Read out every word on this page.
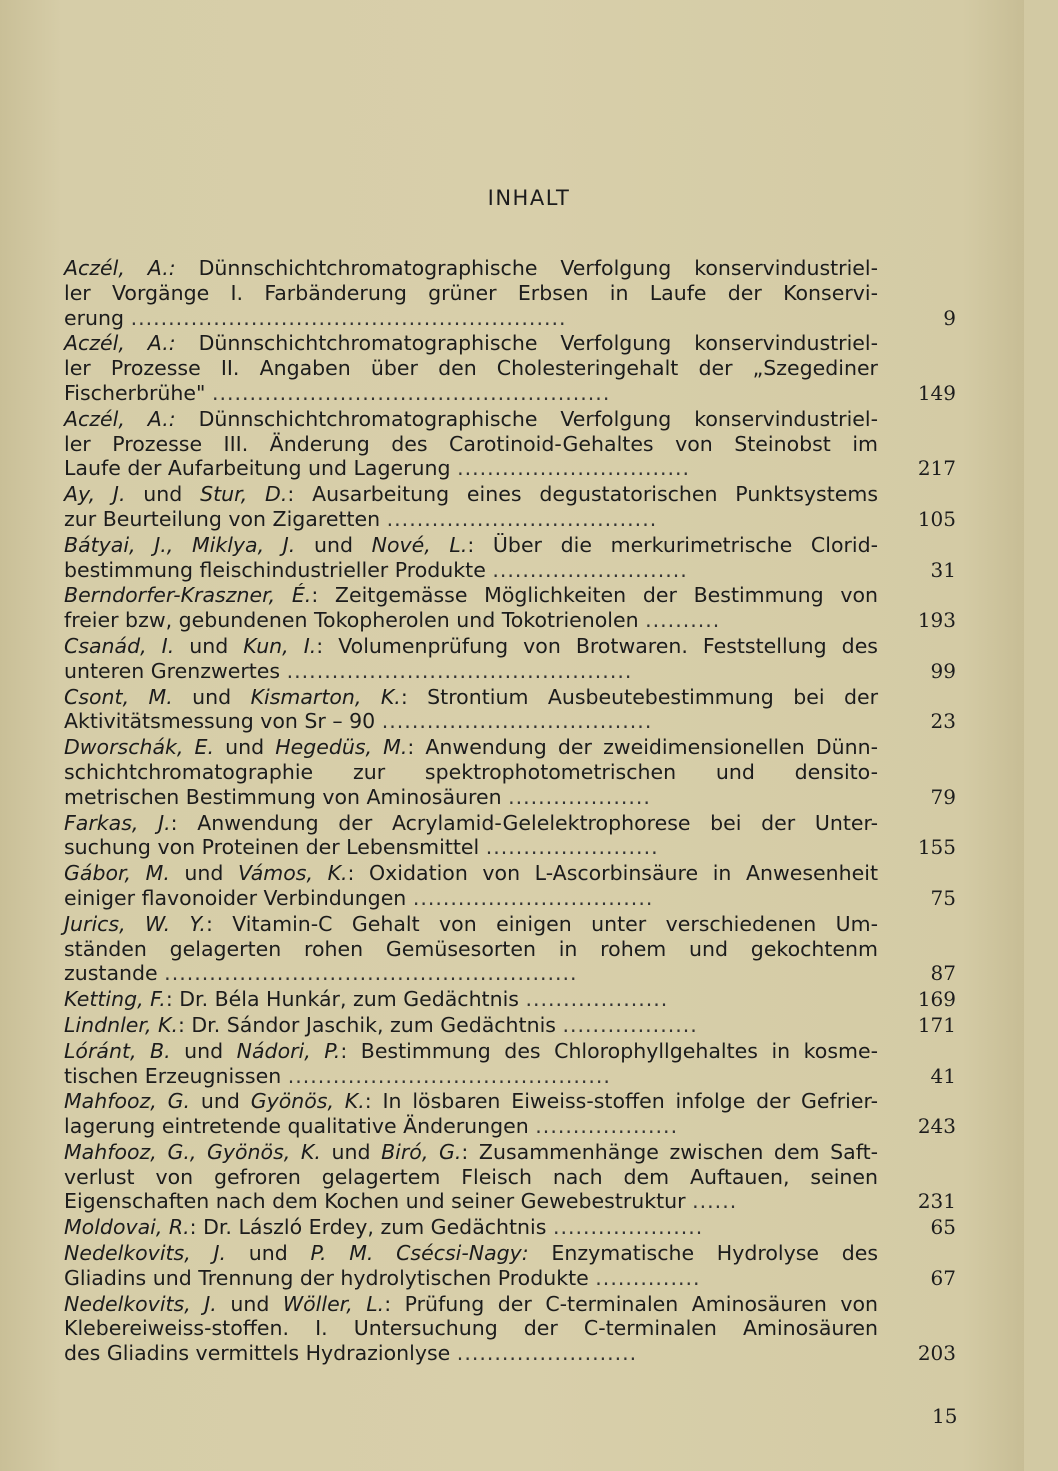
INHALT
Aczél, A.: Dünnschichtchromatographische Verfolgung konservindustriel-
ler Vorgänge I. Farbänderung grüner Erbsen in Laufe der Konservi-
erung ..........................................................	9
Aczél, A.: Dünnschichtchromatographische Verfolgung konservindustriel-
ler Prozesse II. Angaben über den Cholesteringehalt der „Szegediner
Fischerbrühe" .....................................................	149
Aczél, A.: Dünnschichtchromatographische Verfolgung konservindustriel-
ler Prozesse III. Änderung des Carotinoid-Gehaltes von Steinobst im
Laufe der Aufarbeitung und Lagerung ...............................	217
Ay, J. und Stur, D.: Ausarbeitung eines degustatorischen Punktsystems
zur Beurteilung von Zigaretten ....................................	105
Bátyai, J., Miklya, J. und Nové, L.: Über die merkurimetrische Clorid-
bestimmung fleischindustrieller Produkte ..........................	31
Berndorfer-Kraszner, É.: Zeitgemässe Möglichkeiten der Bestimmung von
freier bzw, gebundenen Tokopherolen und Tokotrienolen ..........	193
Csanád, I. und Kun, I.: Volumenprüfung von Brotwaren. Feststellung des
unteren Grenzwertes ..............................................	99
Csont, M. und Kismarton, K.: Strontium Ausbeutebestimmung bei der
Aktivitätsmessung von Sr – 90 ....................................	23
Dworschák, E. und Hegedüs, M.: Anwendung der zweidimensionellen Dünn-
schichtchromatographie zur spektrophotometrischen und densito-
metrischen Bestimmung von Aminosäuren ...................	79
Farkas, J.: Anwendung der Acrylamid-Gelelektrophorese bei der Unter-
suchung von Proteinen der Lebensmittel .......................	155
Gábor, M. und Vámos, K.: Oxidation von L-Ascorbinsäure in Anwesenheit
einiger flavonoider Verbindungen ................................	75
Jurics, W. Y.: Vitamin-C Gehalt von einigen unter verschiedenen Um-
ständen gelagerten rohen Gemüsesorten in rohem und gekochtenm
zustande .......................................................	87
Ketting, F.: Dr. Béla Hunkár, zum Gedächtnis ...................	169
Lindnler, K.: Dr. Sándor Jaschik, zum Gedächtnis ..................	171
Lóránt, B. und Nádori, P.: Bestimmung des Chlorophyllgehaltes in kosme-
tischen Erzeugnissen ...........................................	41
Mahfooz, G. und Gyönös, K.: In lösbaren Eiweiss-stoffen infolge der Gefrier-
lagerung eintretende qualitative Änderungen ...................	243
Mahfooz, G., Gyönös, K. und Biró, G.: Zusammenhänge zwischen dem Saft-
verlust von gefroren gelagertem Fleisch nach dem Auftauen, seinen
Eigenschaften nach dem Kochen und seiner Gewebestruktur ......	231
Moldovai, R.: Dr. László Erdey, zum Gedächtnis ....................	65
Nedelkovits, J. und P. M. Csécsi-Nagy: Enzymatische Hydrolyse des
Gliadins und Trennung der hydrolytischen Produkte ..............	67
Nedelkovits, J. und Wöller, L.: Prüfung der C-terminalen Aminosäuren von
Klebereiweiss-stoffen. I. Untersuchung der C-terminalen Aminosäuren
des Gliadins vermittels Hydrazionlyse ........................	203
15
